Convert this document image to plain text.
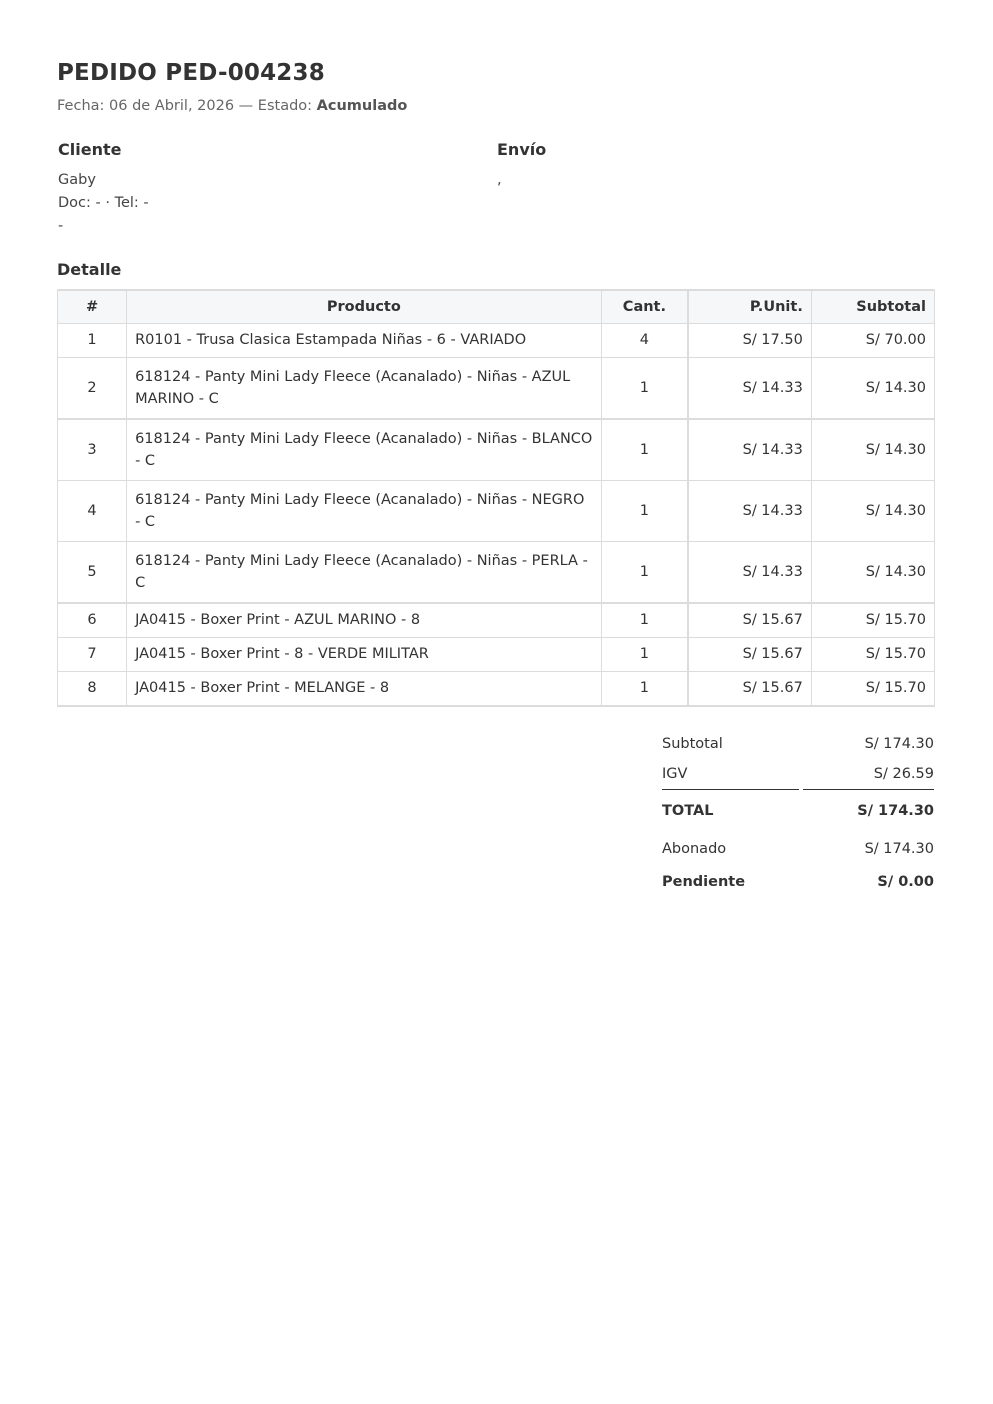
PEDIDO PED-004238
Fecha: 06 de Abril, 2026 — Estado: Acumulado
Cliente
Gaby
Doc: - · Tel: -
-
Envío
,
Detalle
#	Producto	Cant.	P.Unit.	Subtotal
1	R0101 - Trusa Clasica Estampada Niñas - 6 - VARIADO	4	S/ 17.50	S/ 70.00
2	618124 - Panty Mini Lady Fleece (Acanalado) - Niñas - AZUL MARINO - C	1	S/ 14.33	S/ 14.30
3	618124 - Panty Mini Lady Fleece (Acanalado) - Niñas - BLANCO - C	1	S/ 14.33	S/ 14.30
4	618124 - Panty Mini Lady Fleece (Acanalado) - Niñas - NEGRO - C	1	S/ 14.33	S/ 14.30
5	618124 - Panty Mini Lady Fleece (Acanalado) - Niñas - PERLA - C	1	S/ 14.33	S/ 14.30
6	JA0415 - Boxer Print - AZUL MARINO - 8	1	S/ 15.67	S/ 15.70
7	JA0415 - Boxer Print - 8 - VERDE MILITAR	1	S/ 15.67	S/ 15.70
8	JA0415 - Boxer Print - MELANGE - 8	1	S/ 15.67	S/ 15.70
Subtotal	S/ 174.30
IGV	S/ 26.59
TOTAL	S/ 174.30
Abonado	S/ 174.30
Pendiente	S/ 0.00
